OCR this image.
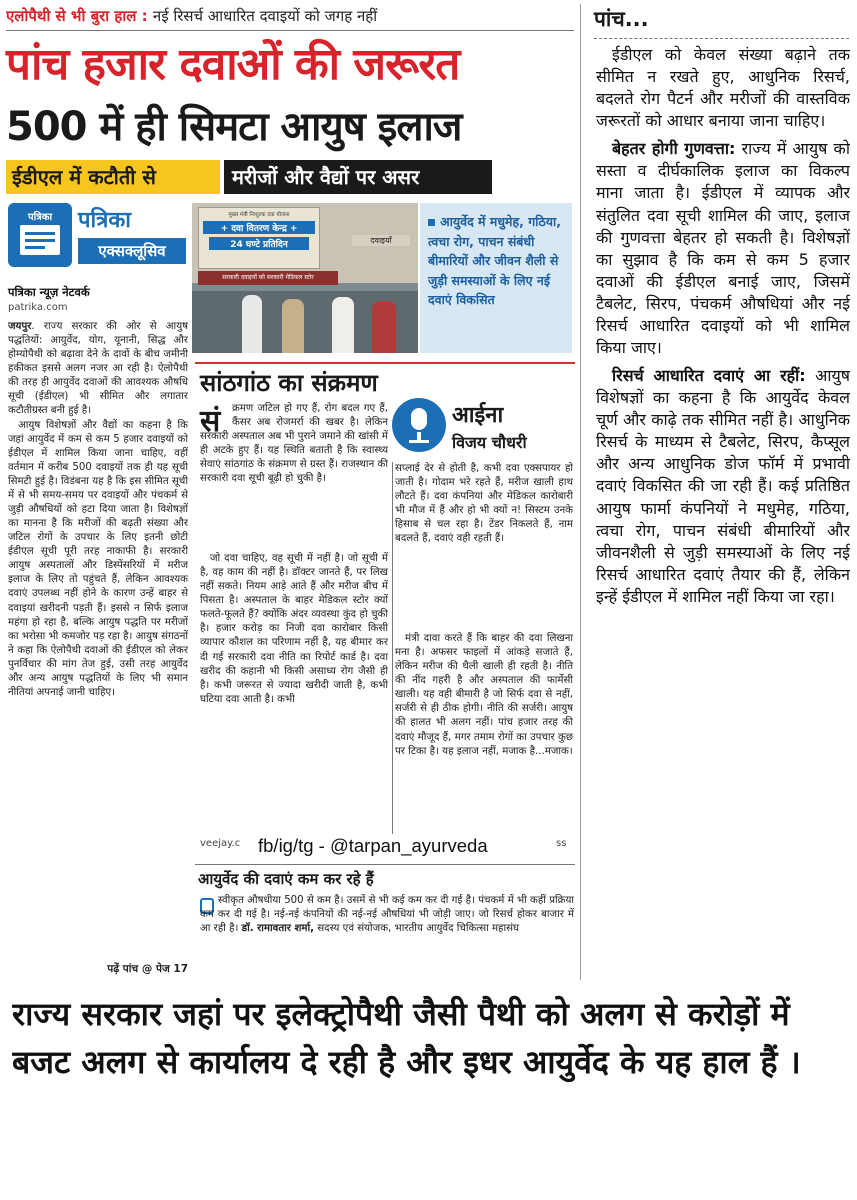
एलोपैथी से भी बुरा हाल : नई रिसर्च आधारित दवाइयों को जगह नहीं
पांच हजार दवाओं की जरूरत
500 में ही सिमटा आयुष इलाज
ईडीएल में कटौती से	मरीजों और वैद्यों पर असर
पत्रिका पत्रिका
एक्सक्लूसिव
पत्रिका न्यूज़ नेटवर्क
patrika.com
मुख्य मंत्री निःशुल्क दवा योजना
+ दवा वितरण केन्द्र +
24 घण्टे प्रतिदिन	दवाइयाँ
सरकारी दवाइयों को सरकारी मेडिकल स्टोर
आयुर्वेद में मधुमेह, गठिया, त्वचा रोग, पाचन संबंधी बीमारियों और जीवन शैली से जुड़ी समस्याओं के लिए नई दवाएं विकसित

जयपुर. राज्य सरकार की ओर से आयुष पद्धतियों: आयुर्वेद, योग, यूनानी, सिद्ध और होम्योपैथी को बढ़ावा देने के दावों के बीच जमीनी हकीकत इससे अलग नजर आ रही है। ऐलोपैथी की तरह ही आयुर्वेद दवाओं की आवश्यक औषधि सूची (ईडीएल) भी सीमित और लगातार कटौतीग्रस्त बनी हुई है।

आयुष विशेषज्ञों और वैद्यों का कहना है कि जहां आयुर्वेद में कम से कम 5 हजार दवाइयों को ईडीएल में शामिल किया जाना चाहिए, वहीं वर्तमान में करीब 500 दवाइयों तक ही यह सूची सिमटी हुई है। विडंबना यह है कि इस सीमित सूची में से भी समय-समय पर दवाइयों और पंचकर्म से जुड़ी औषधियों को हटा दिया जाता है। विशेषज्ञों का मानना है कि मरीजों की बढ़ती संख्या और जटिल रोगों के उपचार के लिए इतनी छोटी ईडीएल सूची पूरी तरह नाकाफी है। सरकारी आयुष अस्पतालों और डिस्पेंसरियों में मरीज इलाज के लिए तो पहुंचते हैं, लेकिन आवश्यक दवाएं उपलब्ध नहीं होने के कारण उन्हें बाहर से दवाइयां खरीदनी पड़ती हैं। इससे न सिर्फ इलाज महंगा हो रहा है, बल्कि आयुष पद्धति पर मरीजों का भरोसा भी कमजोर पड़ रहा है। आयुष संगठनों ने कहा कि ऐलोपैथी दवाओं की ईडीएल को लेकर पुनर्विचार की मांग तेज हुई, उसी तरह आयुर्वेद और अन्य आयुष पद्धतियों के लिए भी समान नीतियां अपनाई जानी चाहिए।

पढ़ें पांच @ पेज 17
सांठगांठ का संक्रमण
आईना
विजय चौधरी
सं	क्रमण जटिल हो गए हैं, रोग बदल गए हैं, कैंसर अब रोजमर्रा की खबर है। लेकिन सरकारी अस्पताल अब भी पुराने जमाने की खांसी में ही अटके हुए हैं। यह स्थिति बताती है कि स्वास्थ्य सेवाएं सांठगांठ के संक्रमण से ग्रस्त हैं। राजस्थान की सरकारी दवा सूची बूढ़ी हो चुकी है।

जो दवा चाहिए, वह सूची में नहीं है। जो सूची में है, वह काम की नहीं है। डॉक्टर जानते हैं, पर लिख नहीं सकते। नियम आड़े आते हैं और मरीज बीच में पिसता है। अस्पताल के बाहर मेडिकल स्टोर क्यों फलते-फूलते हैं? क्योंकि अंदर व्यवस्था कुंद हो चुकी है। हजार करोड़ का निजी दवा कारोबार किसी व्यापार कौशल का परिणाम नहीं है, यह बीमार कर दी गई सरकारी दवा नीति का रिपोर्ट कार्ड है। दवा खरीद की कहानी भी किसी असाध्य रोग जैसी ही है। कभी जरूरत से ज्यादा खरीदी जाती है, कभी घटिया दवा आती है। कभी

सप्लाई देर से होती है, कभी दवा एक्सपायर हो जाती है। गोदाम भरे रहते हैं, मरीज खाली हाथ लौटते हैं। दवा कंपनियां और मेडिकल कारोबारी भी मौज में हैं और हो भी क्यों न! सिस्टम उनके हिसाब से चल रहा है। टेंडर निकलते हैं, नाम बदलते हैं, दवाएं वही रहती हैं।

मंत्री दावा करते हैं कि बाहर की दवा लिखना मना है। अफसर फाइलों में आंकड़े सजाते हैं, लेकिन मरीज की थैली खाली ही रहती है। नीति की नींद गहरी है और अस्पताल की फार्मेसी खाली। यह वही बीमारी है जो सिर्फ दवा से नहीं, सर्जरी से ही ठीक होगी। नीति की सर्जरी। आयुष की हालत भी अलग नहीं। पांच हजार तरह की दवाएं मौजूद हैं, मगर तमाम रोगों का उपचार कुछ पर टिका है। यह इलाज नहीं, मजाक है...मजाक।

veejay.c fb/ig/tg - @tarpan_ayurveda	ss
आयुर्वेद की दवाएं कम कर रहे हैं
स्वीकृत औषधीया 500 से कम है। उसमें से भी कई कम कर दी गई है। पंचकर्म में भी कहीं प्रक्रिया कम कर दी गई है। नई-नई कंपनियों की नई-नई औषधियां भी जोड़ी जाए। जो रिसर्च होकर बाजार में आ रही है। डॉ. रामावतार शर्मा, सदस्य एवं संयोजक, भारतीय आयुर्वेद चिकित्सा महासंघ
पांच...

ईडीएल को केवल संख्या बढ़ाने तक सीमित न रखते हुए, आधुनिक रिसर्च, बदलते रोग पैटर्न और मरीजों की वास्तविक जरूरतों को आधार बनाया जाना चाहिए।

बेहतर होगी गुणवत्ता: राज्य में आयुष को सस्ता व दीर्घकालिक इलाज का विकल्प माना जाता है। ईडीएल में व्यापक और संतुलित दवा सूची शामिल की जाए, इलाज की गुणवत्ता बेहतर हो सकती है। विशेषज्ञों का सुझाव है कि कम से कम 5 हजार दवाओं की ईडीएल बनाई जाए, जिसमें टैबलेट, सिरप, पंचकर्म औषधियां और नई रिसर्च आधारित दवाइयों को भी शामिल किया जाए।

रिसर्च आधारित दवाएं आ रहीं: आयुष विशेषज्ञों का कहना है कि आयुर्वेद केवल चूर्ण और काढ़े तक सीमित नहीं है। आधुनिक रिसर्च के माध्यम से टैबलेट, सिरप, कैप्सूल और अन्य आधुनिक डोज फॉर्म में प्रभावी दवाएं विकसित की जा रही हैं। कई प्रतिष्ठित आयुष फार्मा कंपनियों ने मधुमेह, गठिया, त्वचा रोग, पाचन संबंधी बीमारियों और जीवनशैली से जुड़ी समस्याओं के लिए नई रिसर्च आधारित दवाएं तैयार की हैं, लेकिन इन्हें ईडीएल में शामिल नहीं किया जा रहा।

राज्य सरकार जहां पर इलेक्ट्रोपैथी जैसी पैथी को अलग से करोड़ों में बजट अलग से कार्यालय दे रही है और इधर आयुर्वेद के यह हाल हैं ।
